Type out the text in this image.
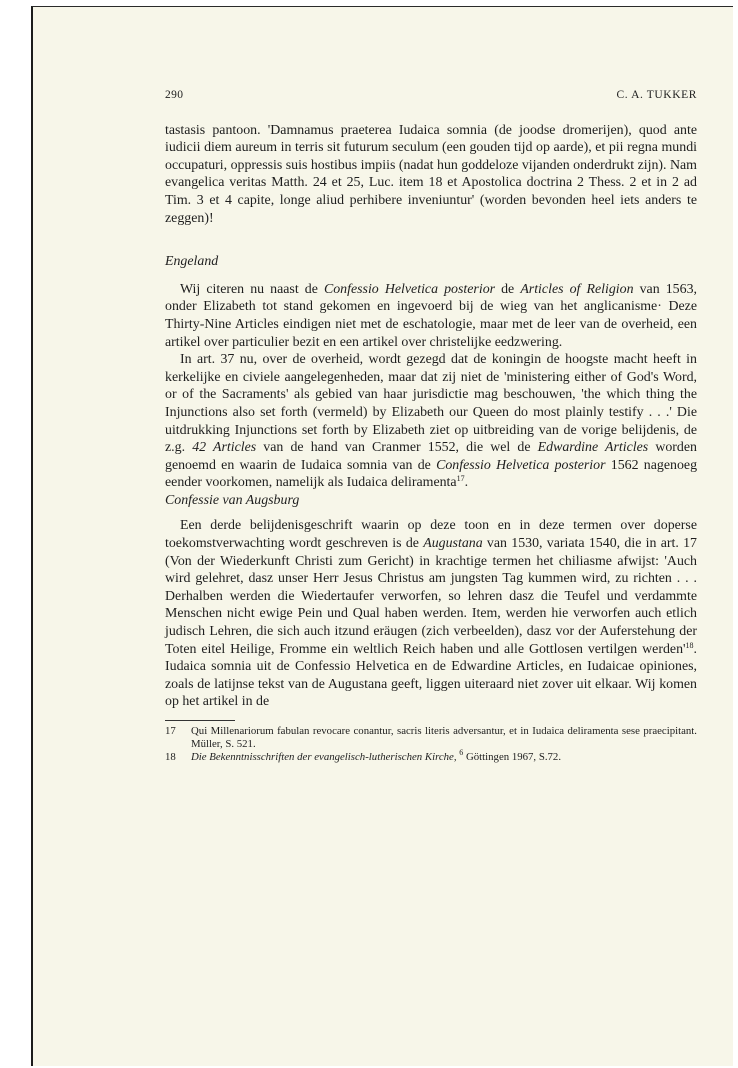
290	C. A. TUKKER

tastasis pantoon. 'Damnamus praeterea Iudaica somnia (de joodse dromerijen), quod ante iudicii diem aureum in terris sit futurum seculum (een gouden tijd op aarde), et pii regna mundi occupaturi, oppressis suis hostibus impiis (nadat hun goddeloze vijanden onderdrukt zijn). Nam evangelica veritas Matth. 24 et 25, Luc. item 18 et Apostolica doctrina 2 Thess. 2 et in 2 ad Tim. 3 et 4 capite, longe aliud perhibere inveniuntur' (worden bevonden heel iets anders te zeggen)!

Engeland

Wij citeren nu naast de Confessio Helvetica posterior de Articles of Religion van 1563, onder Elizabeth tot stand gekomen en ingevoerd bij de wieg van het anglicanisme· Deze Thirty-Nine Articles eindigen niet met de eschatologie, maar met de leer van de overheid, een artikel over particulier bezit en een artikel over christelijke eedzwering.

In art. 37 nu, over de overheid, wordt gezegd dat de koningin de hoogste macht heeft in kerkelijke en civiele aangelegenheden, maar dat zij niet de 'ministering either of God's Word, or of the Sacraments' als gebied van haar jurisdictie mag beschouwen, 'the which thing the Injunctions also set forth (vermeld) by Elizabeth our Queen do most plainly testify . . .' Die uitdrukking Injunctions set forth by Elizabeth ziet op uitbreiding van de vorige belijdenis, de z.g. 42 Articles van de hand van Cranmer 1552, die wel de Edwardine Articles worden genoemd en waarin de Iudaica somnia van de Confessio Helvetica posterior 1562 nagenoeg eender voorkomen, namelijk als Iudaica deliramenta$^{17}$.

Confessie van Augsburg

Een derde belijdenisgeschrift waarin op deze toon en in deze termen over doperse toekomstverwachting wordt geschreven is de Augustana van 1530, variata 1540, die in art. 17 (Von der Wiederkunft Christi zum Gericht) in krachtige termen het chiliasme afwijst: 'Auch wird gelehret, dasz unser Herr Jesus Christus am jungsten Tag kummen wird, zu richten . . . Derhalben werden die Wiedertaufer verworfen, so lehren dasz die Teufel und verdammte Menschen nicht ewige Pein und Qual haben werden. Item, werden hie verworfen auch etlich judisch Lehren, die sich auch itzund eräugen (zich verbeelden), dasz vor der Auferstehung der Toten eitel Heilige, Fromme ein weltlich Reich haben und alle Gottlosen vertilgen $werden'^{18}$. Iudaica somnia uit de Confessio Helvetica en de Edwardine Articles, en Iudaicae opiniones, zoals de latijnse tekst van de Augustana geeft, liggen uiteraard niet zover uit elkaar. Wij komen op het artikel in de

17	Qui Millenariorum fabulan revocare conantur, sacris literis adversantur, et in Iudaica deliramenta sese praecipitant. Müller, S. 521.
18	Die Bekenntnisschriften der evangelisch-lutherischen Kirche, $^6$ Göttingen 1967, S.72.
